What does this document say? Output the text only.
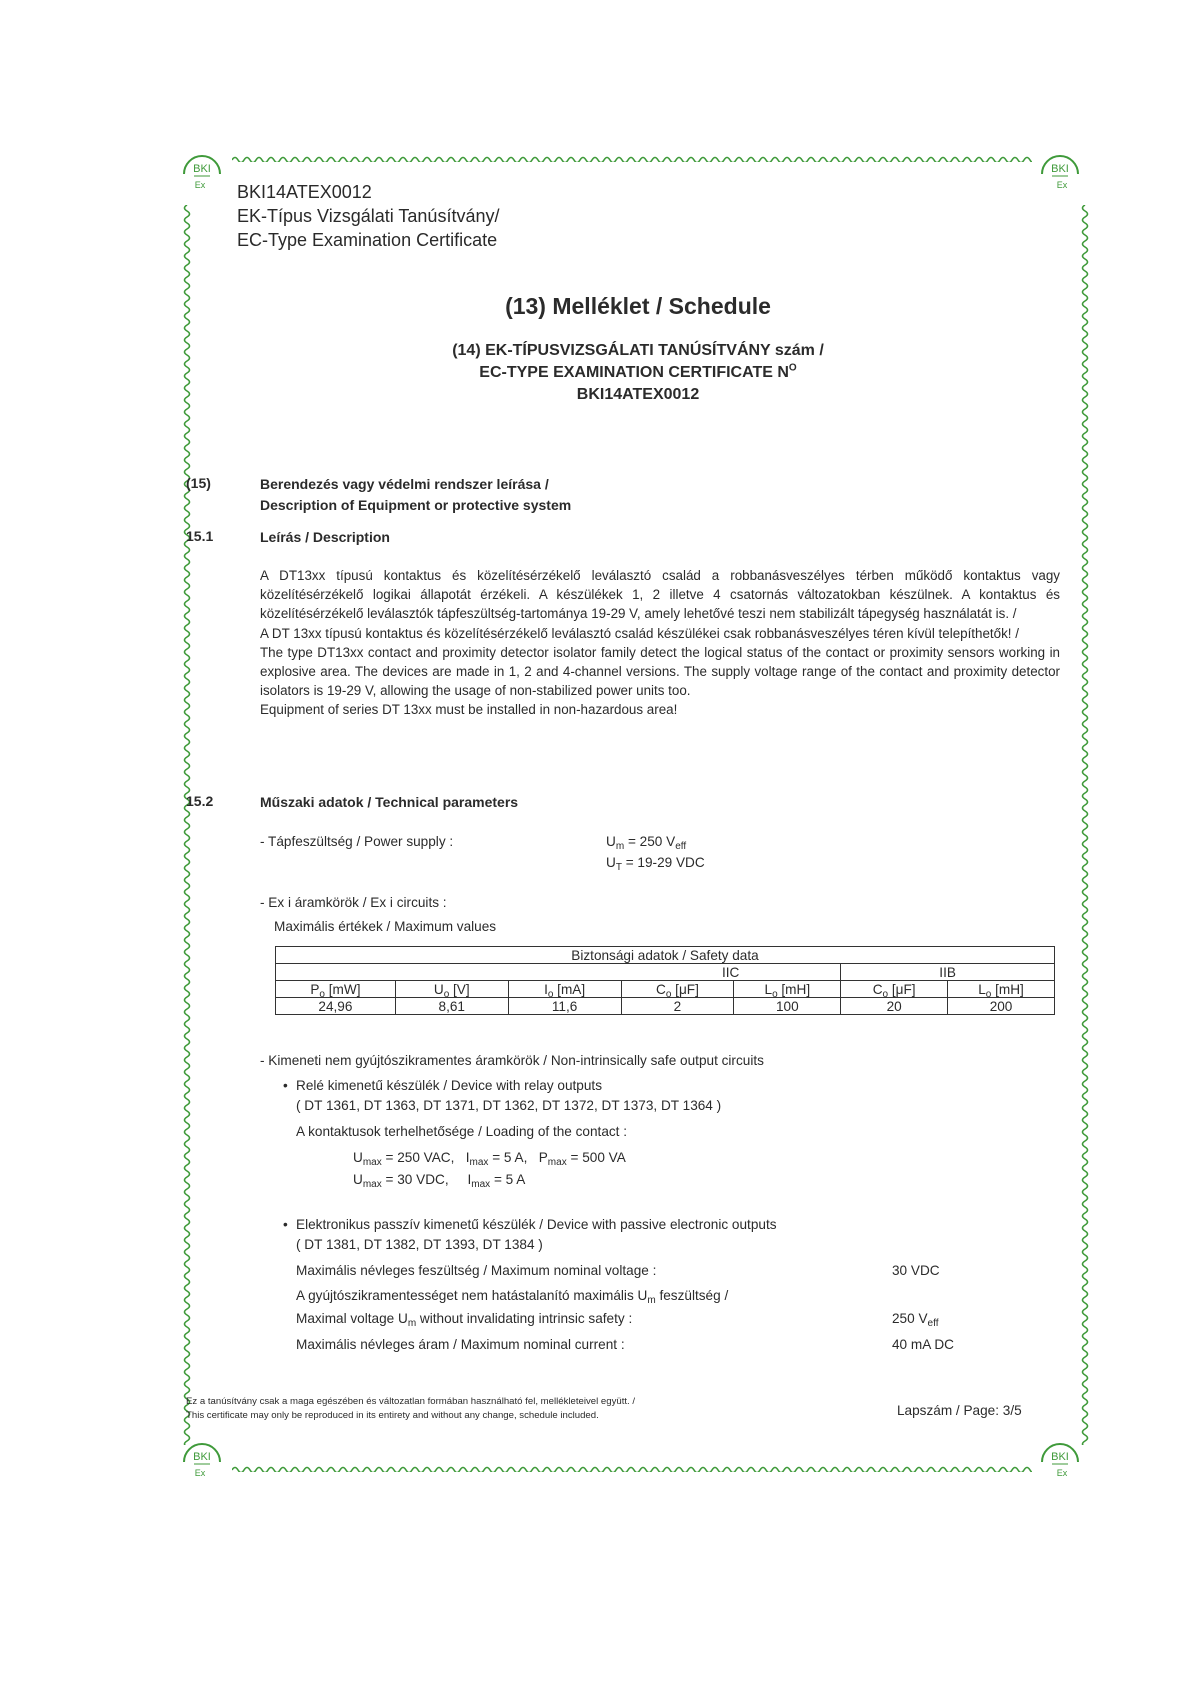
BKI
Ex
BKI
Ex
BKI
Ex
BKI
Ex
BKI14ATEX0012
EK-Típus Vizsgálati Tanúsítvány/
EC-Type Examination Certificate
(13) Melléklet / Schedule
(14) EK-TÍPUSVIZSGÁLATI TANÚSÍTVÁNY szám /
EC-TYPE EXAMINATION CERTIFICATE $N^O$
BKI14ATEX0012
(15)	Berendezés vagy védelmi rendszer leírása /
Description of Equipment or protective system
15.1	Leírás / Description
A DT13xx típusú kontaktus és közelítésérzékelő leválasztó család a robbanásveszélyes térben működő kontaktus vagy közelítésérzékelő logikai állapotát érzékeli. A készülékek 1, 2 illetve 4 csatornás változatokban készülnek. A kontaktus és közelítésérzékelő leválasztók tápfeszültség-tartománya 19-29 V, amely lehetővé teszi nem stabilizált tápegység használatát is. /
A DT 13xx típusú kontaktus és közelítésérzékelő leválasztó család készülékei csak robbanásveszélyes téren kívül telepíthetők! /
The type DT13xx contact and proximity detector isolator family detect the logical status of the contact or proximity sensors working in explosive area. The devices are made in 1, 2 and 4-channel versions. The supply voltage range of the contact and proximity detector isolators is 19-29 V, allowing the usage of non-stabilized power units too.
Equipment of series DT 13xx must be installed in non-hazardous area!
15.2	Műszaki adatok / Technical parameters
- Tápfeszültség / Power supply :	$U_m = 250$ $V_{eff}$
$U_T = 19-29$ VDC
- Ex i áramkörök / Ex i circuits :
Maximális értékek / Maximum values
Biztonsági adatok / Safety data						
			IIC		IIB	
$P_o$ [mW]	$U_o$ [V]	$I_o$ [mA]	$C_o$ [μF]	$L_o$ [mH]	$C_o$ [μF]	$L_o$ [mH]
24,96	8,61	11,6	2	100	20	200
- Kimeneti nem gyújtószikramentes áramkörök / Non-intrinsically safe output circuits
• Relé kimenetű készülék / Device with relay outputs
( DT 1361, DT 1363, DT 1371, DT 1362, DT 1372, DT 1373, DT 1364 )
A kontaktusok terhelhetősége / Loading of the contact :
$U_{max} = 250$ VAC, $I_{max} = 5$ A, $P_{max} = 500$ VA
$U_{max} = 30$ VDC, $I_{max} = 5$ A
• Elektronikus passzív kimenetű készülék / Device with passive electronic outputs
( DT 1381, DT 1382, DT 1393, DT 1384 )
Maximális névleges feszültség / Maximum nominal voltage :	30 VDC
A gyújtószikramentességet nem hatástalanító maximális $U_m$ feszültség /
Maximal voltage $U_m$ without invalidating intrinsic safety :	250 $V_{eff}$
Maximális névleges áram / Maximum nominal current :	40 mA DC
Ez a tanúsítvány csak a maga egészében és változatlan formában használható fel, mellékleteivel együtt. /
This certificate may only be reproduced in its entirety and without any change, schedule included.	Lapszám / Page: 3/5
